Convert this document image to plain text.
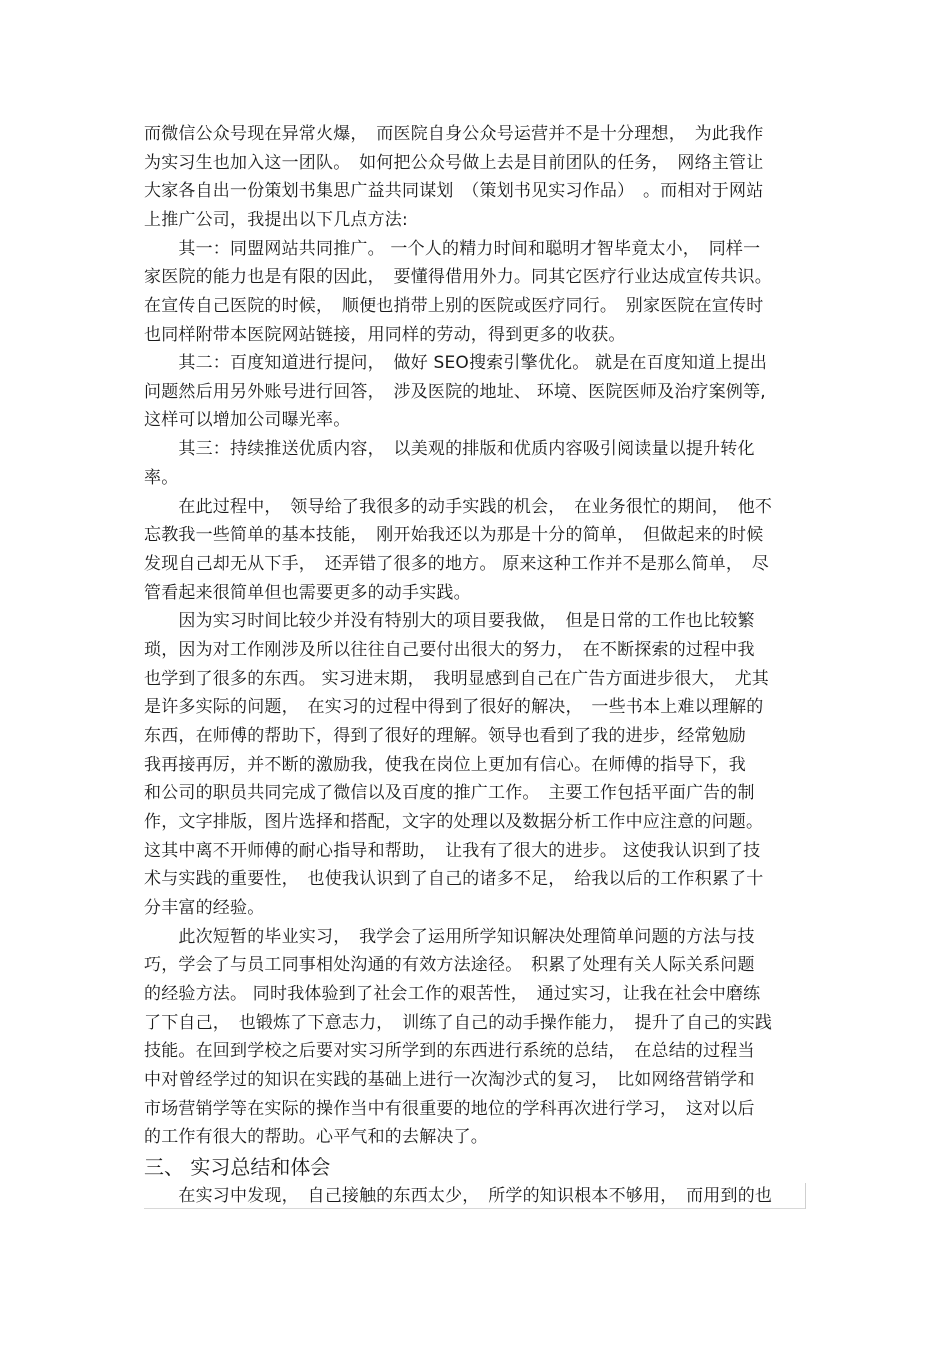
而微信公众号现在异常火爆，　而医院自身公众号运营并不是十分理想，　为此我作
为实习生也加入这一团队。　如何把公众号做上去是目前团队的任务，　网络主管让
大家各自出一份策划书集思广益共同谋划　（策划书见实习作品）　。而相对于网站
上推广公司，我提出以下几点方法:
　　其一：同盟网站共同推广。 一个人的精力时间和聪明才智毕竟太小，　同样一
家医院的能力也是有限的因此，　要懂得借用外力。同其它医疗行业达成宣传共识。
在宣传自己医院的时候，　顺便也捎带上别的医院或医疗同行。　别家医院在宣传时
也同样附带本医院网站链接，用同样的劳动，得到更多的收获。
　　其二：百度知道进行提问，　做好 SEO搜索引擎优化。 就是在百度知道上提出
问题然后用另外账号进行回答，　涉及医院的地址、 环境、医院医师及治疗案例等,
这样可以增加公司曝光率。
　　其三：持续推送优质内容，　以美观的排版和优质内容吸引阅读量以提升转化
率。
　　在此过程中，　领导给了我很多的动手实践的机会，　在业务很忙的期间，　他不
忘教我一些简单的基本技能，　刚开始我还以为那是十分的简单，　但做起来的时候
发现自己却无从下手，　还弄错了很多的地方。 原来这种工作并不是那么简单，　尽
管看起来很简单但也需要更多的动手实践。
　　因为实习时间比较少并没有特别大的项目要我做，　但是日常的工作也比较繁
琐，因为对工作刚涉及所以往往自己要付出很大的努力，　在不断探索的过程中我
也学到了很多的东西。 实习进末期，　我明显感到自己在广告方面进步很大，　尤其
是许多实际的问题，　在实习的过程中得到了很好的解决，　一些书本上难以理解的
东西，在师傅的帮助下，得到了很好的理解。领导也看到了我的进步，经常勉励
我再接再厉，并不断的激励我，使我在岗位上更加有信心。在师傅的指导下，我
和公司的职员共同完成了微信以及百度的推广工作。　主要工作包括平面广告的制
作，文字排版，图片选择和搭配，文字的处理以及数据分析工作中应注意的问题。
这其中离不开师傅的耐心指导和帮助，　让我有了很大的进步。 这使我认识到了技
术与实践的重要性，　也使我认识到了自己的诸多不足，　给我以后的工作积累了十
分丰富的经验。
　　此次短暂的毕业实习，　我学会了运用所学知识解决处理简单问题的方法与技
巧，学会了与员工同事相处沟通的有效方法途径。　积累了处理有关人际关系问题
的经验方法。 同时我体验到了社会工作的艰苦性，　通过实习，让我在社会中磨练
了下自己，　也锻炼了下意志力，　训练了自己的动手操作能力，　提升了自己的实践
技能。在回到学校之后要对实习所学到的东西进行系统的总结，　在总结的过程当
中对曾经学过的知识在实践的基础上进行一次淘沙式的复习，　比如网络营销学和
市场营销学等在实际的操作当中有很重要的地位的学科再次进行学习，　这对以后
的工作有很大的帮助。心平气和的去解决了。
三、 实习总结和体会
　　在实习中发现，　自己接触的东西太少，　所学的知识根本不够用，　而用到的也
